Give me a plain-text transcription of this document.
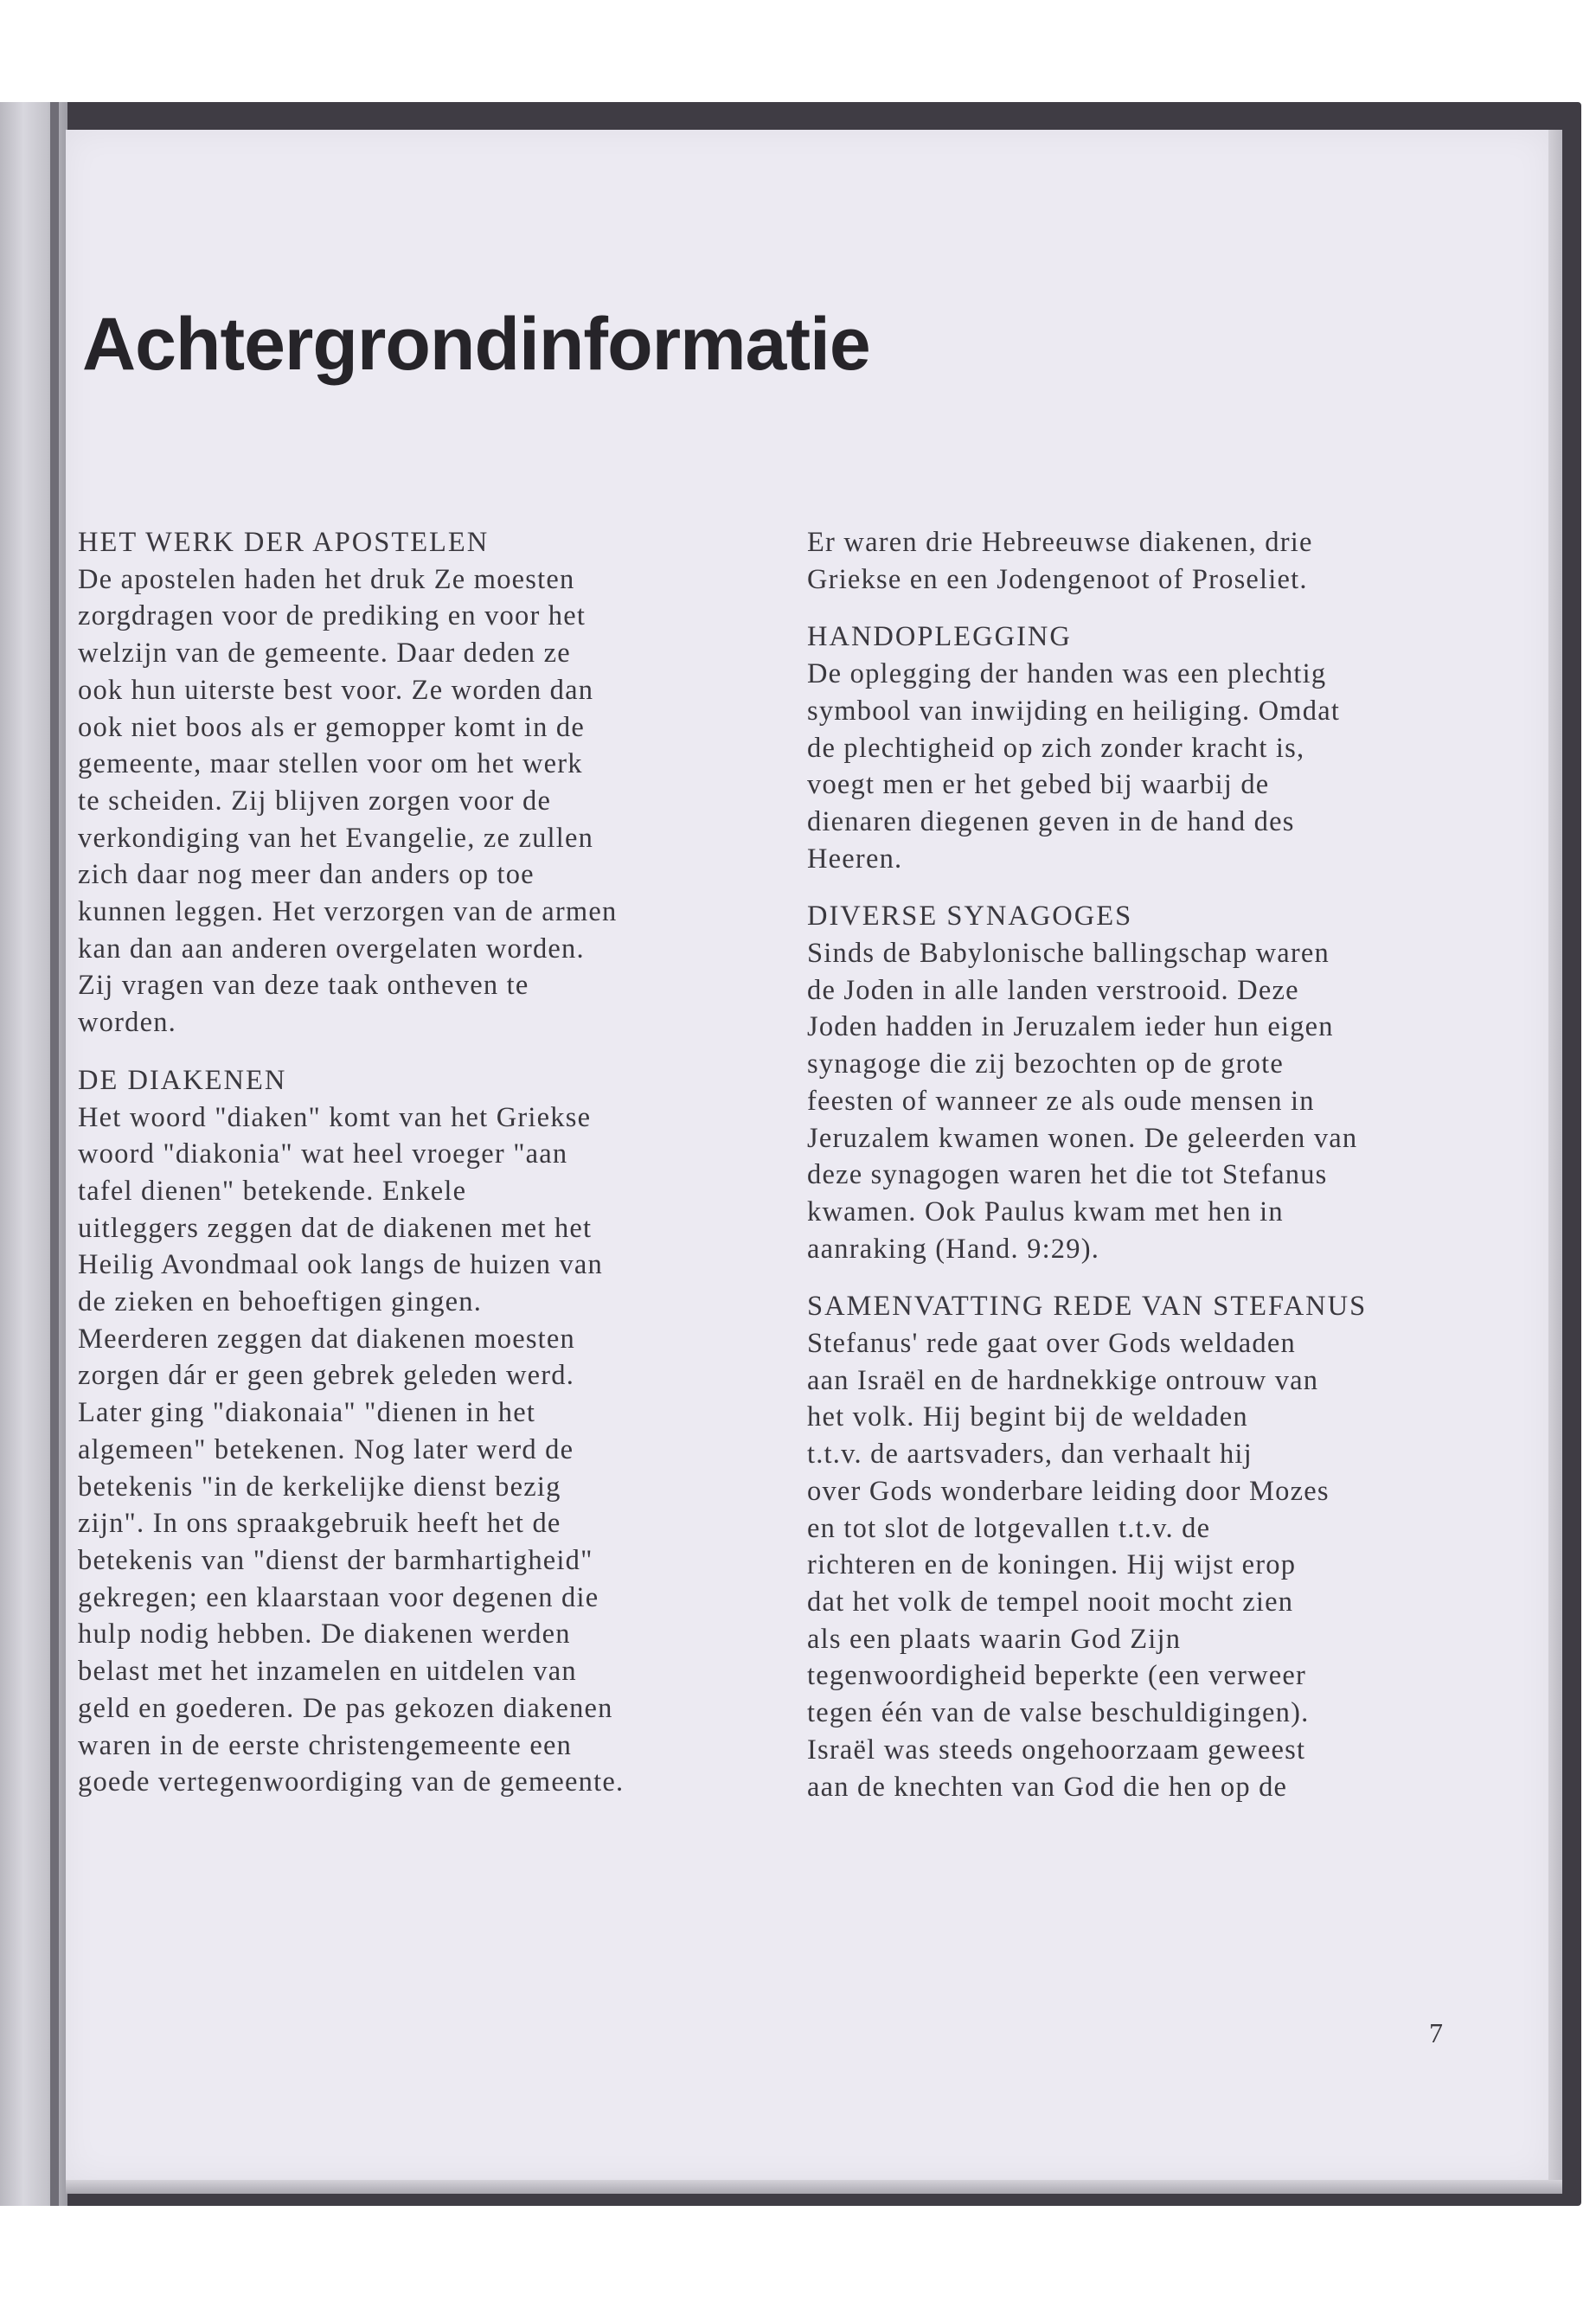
Achtergrondinformatie
HET WERK DER APOSTELEN

De apostelen haden het druk Ze moesten
zorgdragen voor de prediking en voor het
welzijn van de gemeente. Daar deden ze
ook hun uiterste best voor. Ze worden dan
ook niet boos als er gemopper komt in de
gemeente, maar stellen voor om het werk
te scheiden. Zij blijven zorgen voor de
verkondiging van het Evangelie, ze zullen
zich daar nog meer dan anders op toe
kunnen leggen. Het verzorgen van de armen
kan dan aan anderen overgelaten worden.
Zij vragen van deze taak ontheven te
worden.

DE DIAKENEN

Het woord "diaken" komt van het Griekse
woord "diakonia" wat heel vroeger "aan
tafel dienen" betekende. Enkele
uitleggers zeggen dat de diakenen met het
Heilig Avondmaal ook langs de huizen van
de zieken en behoeftigen gingen.

Meerderen zeggen dat diakenen moesten
zorgen dár er geen gebrek geleden werd.
Later ging "diakonaia" "dienen in het
algemeen" betekenen. Nog later werd de
betekenis "in de kerkelijke dienst bezig
zijn". In ons spraakgebruik heeft het de
betekenis van "dienst der barmhartigheid"
gekregen; een klaarstaan voor degenen die
hulp nodig hebben. De diakenen werden
belast met het inzamelen en uitdelen van
geld en goederen. De pas gekozen diakenen
waren in de eerste christengemeente een
goede vertegenwoordiging van de gemeente.

Er waren drie Hebreeuwse diakenen, drie
Griekse en een Jodengenoot of Proseliet.

HANDOPLEGGING

De oplegging der handen was een plechtig
symbool van inwijding en heiliging. Omdat
de plechtigheid op zich zonder kracht is,
voegt men er het gebed bij waarbij de
dienaren diegenen geven in de hand des
Heeren.

DIVERSE SYNAGOGES

Sinds de Babylonische ballingschap waren
de Joden in alle landen verstrooid. Deze
Joden hadden in Jeruzalem ieder hun eigen
synagoge die zij bezochten op de grote
feesten of wanneer ze als oude mensen in
Jeruzalem kwamen wonen. De geleerden van
deze synagogen waren het die tot Stefanus
kwamen. Ook Paulus kwam met hen in
aanraking (Hand. 9:29).

SAMENVATTING REDE VAN STEFANUS

Stefanus' rede gaat over Gods weldaden
aan Israël en de hardnekkige ontrouw van
het volk. Hij begint bij de weldaden
t.t.v. de aartsvaders, dan verhaalt hij
over Gods wonderbare leiding door Mozes
en tot slot de lotgevallen t.t.v. de
richteren en de koningen. Hij wijst erop
dat het volk de tempel nooit mocht zien
als een plaats waarin God Zijn
tegenwoordigheid beperkte (een verweer
tegen één van de valse beschuldigingen).
Israël was steeds ongehoorzaam geweest
aan de knechten van God die hen op de

7
